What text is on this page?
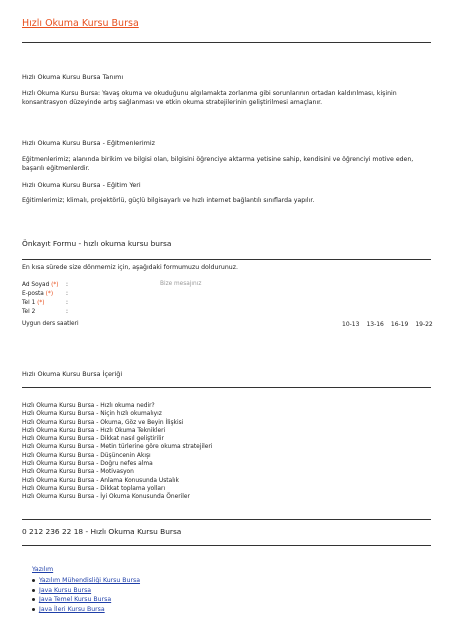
Hızlı Okuma Kursu Bursa
Hızlı Okuma Kursu Bursa Tanımı

Hızlı Okuma Kursu Bursa: Yavaş okuma ve okuduğunu algılamakta zorlanma gibi sorunlarının ortadan kaldırılması, kişinin konsantrasyon düzeyinde artış sağlanması ve etkin okuma stratejilerinin geliştirilmesi amaçlanır.

Hızlı Okuma Kursu Bursa - Eğitmenlerimiz

Eğitmenlerimiz; alanında birikim ve bilgisi olan, bilgisini öğrenciye aktarma yetisine sahip, kendisini ve öğrenciyi motive eden, başarılı eğitmenlerdir.

Hızlı Okuma Kursu Bursa - Eğitim Yeri

Eğitimlerimiz; klimalı, projektörlü, güçlü bilgisayarlı ve hızlı internet bağlantılı sınıflarda yapılır.

Önkayıt Formu - hızlı okuma kursu bursa
En kısa sürede size dönmemiz için, aşağıdaki formumuzu doldurunuz.
Ad Soyad (*) :
E-posta (*) :
Tel 1 (*)	:
Tel 2	:
Bize mesajınız
Uygun ders saatleri	10-13 13-16 16-19 19-22
Hızlı Okuma Kursu Bursa İçeriği
Hızlı Okuma Kursu Bursa - Hızlı okuma nedir?
Hızlı Okuma Kursu Bursa - Niçin hızlı okumalıyız
Hızlı Okuma Kursu Bursa - Okuma, Göz ve Beyin İlişkisi
Hızlı Okuma Kursu Bursa - Hızlı Okuma Teknikleri
Hızlı Okuma Kursu Bursa - Dikkat nasıl geliştirilir
Hızlı Okuma Kursu Bursa - Metin türlerine göre okuma stratejileri
Hızlı Okuma Kursu Bursa - Düşüncenin Akışı
Hızlı Okuma Kursu Bursa - Doğru nefes alma
Hızlı Okuma Kursu Bursa - Motivasyon
Hızlı Okuma Kursu Bursa - Anlama Konusunda Ustalık
Hızlı Okuma Kursu Bursa - Dikkat toplama yolları
Hızlı Okuma Kursu Bursa - İyi Okuma Konusunda Öneriler
0 212 236 22 18 - Hızlı Okuma Kursu Bursa
Yazılım
Yazılım Mühendisliği Kursu Bursa
Java Kursu Bursa
Java Temel Kursu Bursa
Java İleri Kursu Bursa
